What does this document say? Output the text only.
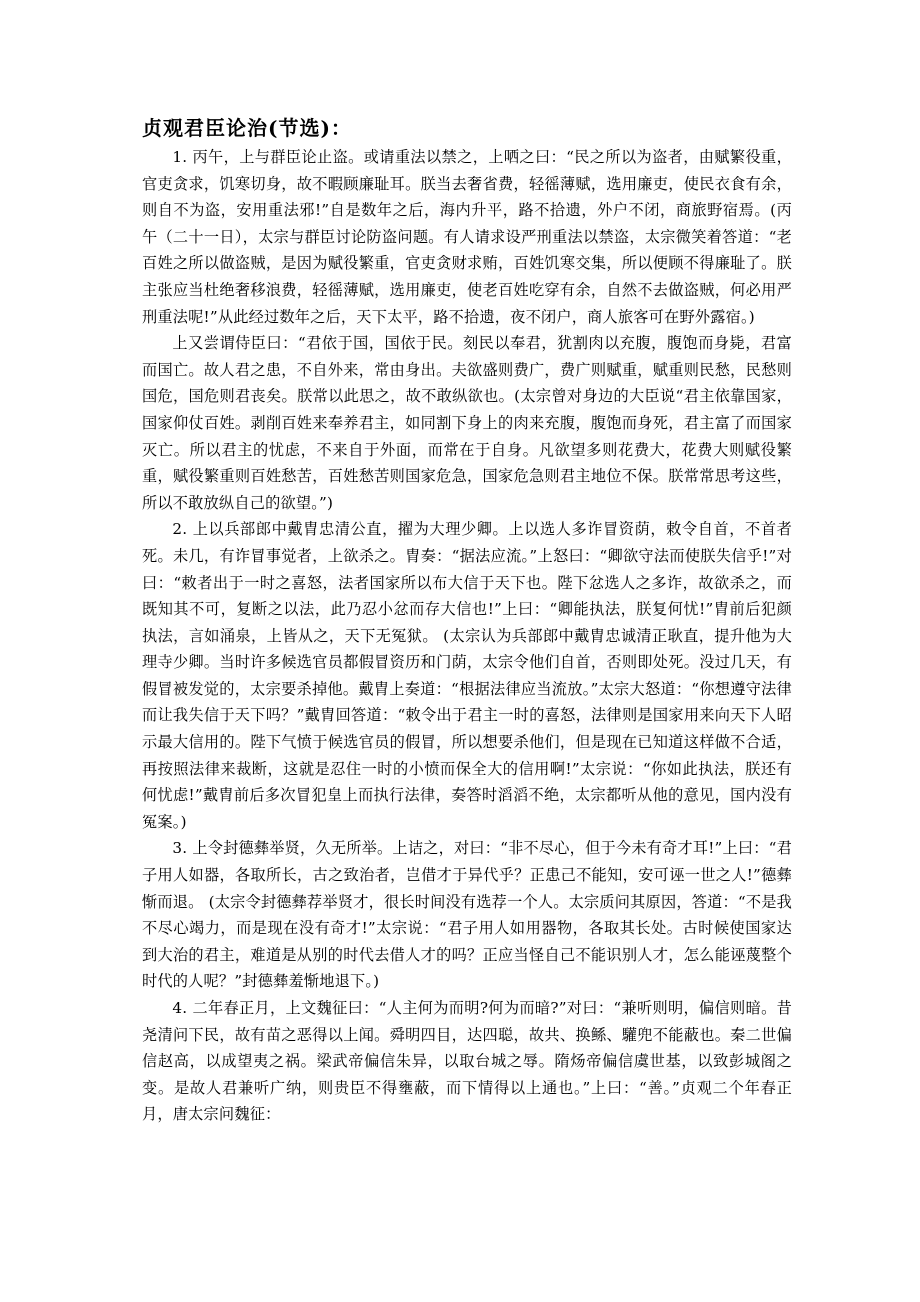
贞观君臣论治(节选)：

1. 丙午，上与群臣论止盗。或请重法以禁之，上哂之曰：“民之所以为盗者，由赋繁役重，官吏贪求，饥寒切身，故不暇顾廉耻耳。朕当去奢省费，轻徭薄赋，选用廉吏，使民衣食有余，则自不为盗，安用重法邪!”自是数年之后，海内升平，路不拾遗，外户不闭，商旅野宿焉。(丙午（二十一日），太宗与群臣讨论防盗问题。有人请求设严刑重法以禁盗，太宗微笑着答道：“老百姓之所以做盗贼，是因为赋役繁重，官吏贪财求贿，百姓饥寒交集，所以便顾不得廉耻了。朕主张应当杜绝奢移浪费，轻徭薄赋，选用廉吏，使老百姓吃穿有余，自然不去做盗贼，何必用严刑重法呢!”从此经过数年之后，天下太平，路不拾遗，夜不闭户，商人旅客可在野外露宿。)

上又尝谓侍臣曰：“君依于国，国依于民。刻民以奉君，犹割肉以充腹，腹饱而身毙，君富而国亡。故人君之患，不自外来，常由身出。夫欲盛则费广，费广则赋重，赋重则民愁，民愁则国危，国危则君丧矣。朕常以此思之，故不敢纵欲也。(太宗曾对身边的大臣说“君主依靠国家，国家仰仗百姓。剥削百姓来奉养君主，如同割下身上的肉来充腹，腹饱而身死，君主富了而国家灭亡。所以君主的忧虑，不来自于外面，而常在于自身。凡欲望多则花费大，花费大则赋役繁重，赋役繁重则百姓愁苦，百姓愁苦则国家危急，国家危急则君主地位不保。朕常常思考这些，所以不敢放纵自己的欲望。”)

2. 上以兵部郎中戴胄忠清公直，擢为大理少卿。上以选人多诈冒资荫，敕令自首，不首者死。未几，有诈冒事觉者，上欲杀之。胄奏：“据法应流。”上怒曰：“卿欲守法而使朕失信乎!”对曰：“敕者出于一时之喜怒，法者国家所以布大信于天下也。陛下忿选人之多诈，故欲杀之，而既知其不可，复断之以法，此乃忍小忿而存大信也!”上曰：“卿能执法，朕复何忧!”胄前后犯颜执法，言如涌泉，上皆从之，天下无冤狱。 (太宗认为兵部郎中戴胄忠诚清正耿直，提升他为大理寺少卿。当时许多候选官员都假冒资历和门荫，太宗令他们自首，否则即处死。没过几天，有假冒被发觉的，太宗要杀掉他。戴胄上奏道：“根据法律应当流放。”太宗大怒道：“你想遵守法律而让我失信于天下吗？”戴胄回答道：“敕令出于君主一时的喜怒，法律则是国家用来向天下人昭示最大信用的。陛下气愤于候选官员的假冒，所以想要杀他们，但是现在已知道这样做不合适，再按照法律来裁断，这就是忍住一时的小愤而保全大的信用啊!”太宗说：“你如此执法，朕还有何忧虑!”戴胄前后多次冒犯皇上而执行法律，奏答时滔滔不绝，太宗都听从他的意见，国内没有冤案。)

3. 上令封德彝举贤，久无所举。上诘之，对曰：“非不尽心，但于今未有奇才耳!”上曰：“君子用人如器，各取所长，古之致治者，岂借才于异代乎？正患己不能知，安可诬一世之人!”德彝惭而退。 (太宗令封德彝荐举贤才，很长时间没有选荐一个人。太宗质问其原因，答道：“不是我不尽心竭力，而是现在没有奇才!”太宗说：“君子用人如用器物，各取其长处。古时候使国家达到大治的君主，难道是从别的时代去借人才的吗？正应当怪自己不能识别人才，怎么能诬蔑整个时代的人呢？”封德彝羞惭地退下。)

4. 二年春正月，上文魏征曰：“人主何为而明?何为而暗?”对曰：“兼听则明，偏信则暗。昔尧清问下民，故有苗之恶得以上闻。舜明四目，达四聪，故共、换鲧、驩兜不能蔽也。秦二世偏信赵高，以成望夷之祸。梁武帝偏信朱异，以取台城之辱。隋炀帝偏信虞世基，以致彭城阁之变。是故人君兼听广纳，则贵臣不得壅蔽，而下情得以上通也。”上曰：“善。”贞观二个年春正月，唐太宗问魏征：
